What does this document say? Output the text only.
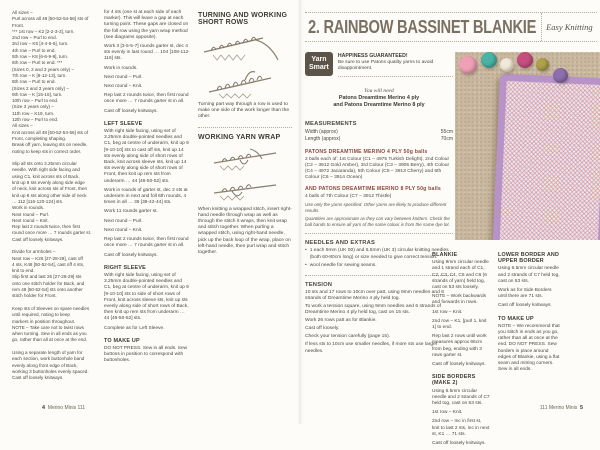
All sizes –
Purl across all 48 [50-52-54-56] sts of
Front.
*** 1st row – K2 [2-2-3-3], turn.
2nd row – Purl to end.
3rd row – K5 [4-4-6-6], turn.
4th row – Purl to end.
5th row – K8 [6-6-9-9], turn.
6th row – Purl to end. ***
(Sizes 0, 2 and 3 years only) –
7th row – K [8-12-13], turn.
8th row – Purl to end.
(Sizes 2 and 3 years only) –
9th row – K [15-16], turn.
10th row – Purl to end.
(Size 3 years only) –
11th row – K19, turn.
12th row – Purl to end.
All sizes –
Knit across all 48 [50-52-54-56] sts of
Front, completing shaping.
Break off yarn, leaving sts on needle,
noting to keep sts in correct order.
Slip all sts onto 3.25mm circular
needle. With right side facing and
using C1, knit across sts of Back,
knit up 8 sts evenly along side edge
of neck, knit across sts of Front, then
knit up 8 sts along other side of neck
… 112 [116-120-124] sts.
Work in rounds.
Next round – Purl.
Next round – Knit.
Rep last 2 rounds twice, then first
round once more … 7 rounds garter st.
Cast off loosely knitways.
Divide for armholes –
Next row – K26 [27-28-29], cast off
4 sts, K48 [50-52-54], cast off 4 sts,
knit to end.
Slip first and last 26 [27-28-29] sts
onto one stitch holder for Back, and
rem 48 [50-52-54] sts onto another
stitch holder for Front.
Keep sts of Sleeves on spare needles
until required, noting to keep
markers in position throughout.
NOTE – Take care not to twist rows
when turning. Sew in all ends as you
go, rather than all at once at the end.
Using a separate length of yarn for
each section, work buttonhole band
evenly along front edge of Back,
working 3 buttonholes evenly spaced.
Cast off loosely knitways.
for 4 sts (one st at each side of each marker). This will leave a gap at each turning point. These gaps are closed on the foll row using the yarn wrap method (see diagrams opposite).
Work 3 [3-5-5-7] rounds garter st, dec 4 sts evenly in last round … 104 [108-112-116] sts.
Work in rounds.
Next round – Purl.
Next round – Knit.
Rep last 2 rounds twice, then first round once more … 7 rounds garter st in all.
Cast off loosely knitways.
LEFT SLEEVE
With right side facing, using set of 3.25mm double-pointed needles and C1, beg at centre of underarm, knit up 9 [9-10-10] sts to cast off sts, knit up 14 sts evenly along side of short rows of Back, knit across sleeve sts, knit up 14 sts evenly along side of short rows of Front, then knit up rem sts from underarm … 44 [46-50-52] sts.
Work in rounds of garter st, dec 2 sts at underarm in next and foll 6th rounds, 4 times in all … 36 [38-42-44] sts.
Work 11 rounds garter st.
Next round – Purl.
Next round – Knit.
Rep last 2 rounds twice, then first round once more … 7 rounds garter st in all.
Cast off loosely knitways.
RIGHT SLEEVE
With right side facing, using set of 3.25mm double-pointed needles and C1, beg at centre of underarm, knit up 9 [9-10-10] sts to side of short rows of Front, knit across sleeve sts, knit up sts evenly along side of short rows of Back, then knit up rem sts from underarm … 44 [46-50-52] sts.
Complete as for Left Sleeve.
TO MAKE UP
DO NOT PRESS. Sew in all ends. Sew buttons in position to correspond with buttonholes.
TURNING AND WORKING SHORT ROWS
Turning part way through a row is used to make one side of the work longer than the other.
WORKING YARN WRAP
When knitting a wrapped stitch, insert right-hand needle through wrap as well as through the stitch it wraps, then knit wrap and stitch together. When purling a wrapped stitch, using right-hand needle, pick up the back loop of the wrap, place on left-hand needle, then purl wrap and stitch together.
4 Merino Minis 111
2. RAINBOW BASSINET BLANKIE	Easy Knitting
Yarn
Smart
HAPPINESS GUARANTEED!
Be sure to use Patons quality yarns to avoid disappointment.
You will need
Patons Dreamtime Merino 4 ply
and Patons Dreamtime Merino 8 ply
MEASUREMENTS
Width (approx)	55cm
Length (approx)	70cm
PATONS DREAMTIME MERINO 4 PLY 50g balls
2 balls each of: 1st Colour (C1 – 4975 Turkish Delight), 2nd Colour (C2 – 3912 Gold Amber), 3rd Colour (C3 – 3905 Berry), 4th Colour (C4 – 4972 Jacaranda), 5th Colour (C5 – 3913 Cherry) and 6th Colour (C6 – 3914 Ocean)
AND PATONS DREAMTIME MERINO 8 PLY 50g balls
4 balls of 7th Colour (C7 – 3912 Thistle)
Use only the yarns specified. Other yarns are likely to produce different results.
Quantities are approximate as they can vary between knitters. Check the ball bands to ensure all yarn of the same colour is from the same dye lot.
NEEDLES AND EXTRAS
• 1 each 9mm (UK 00) and 6.5mm (UK 3) circular knitting needles (both 60-80cm long) or size needed to give correct tension.
• wool needle for sewing seams.
TENSION
10 sts and 17 rows to 10cm over patt, using 9mm needles and 6 strands of Dreamtime Merino 4 ply held tog.
To work a tension square, using 9mm needles and 6 strands of Dreamtime Merino 4 ply held tog, cast on 15 sts.
Work 26 rows patt as for Blankie.
Cast off loosely.
Check your tension carefully (page 15).
If less sts to 10cm use smaller needles, if more sts use larger needles.
BLANKIE
Using 9mm circular needle and 1 strand each of C1, C2, C3, C4, C5 and C6 (6 strands of yarn) held tog, cast on 53 sts loosely.
NOTE – Work backwards and forwards in rows.
1st row – Knit.
2nd row – K1, [purl 1, knit 1] to end.
Rep last 2 rows until work measures approx 66cm from beg, ending with 3 rows garter st.
Cast off loosely knitways.
SIDE BORDERS (MAKE 2)
Using 6.5mm circular needle and 2 strands of C7 held tog, cast on 53 sts.
1st row – Knit.
2nd row – Inc in first st, knit to last 2 sts, inc in next st, K1 … 71 sts.
Cast off loosely knitways.
LOWER BORDER AND UPPER BORDER
Using 6.5mm circular needle and 2 strands of C7 held tog, cast on 53 sts.
Work as for Side Borders until there are 71 sts.
Cast off loosely knitways.
TO MAKE UP
NOTE – We recommend that you stitch in ends as you go, rather than all at once at the end. DO NOT PRESS. Sew borders in place around edges of Blankie, using a flat seam and mitring corners. Sew in all ends.
111 Merino Minis 5
